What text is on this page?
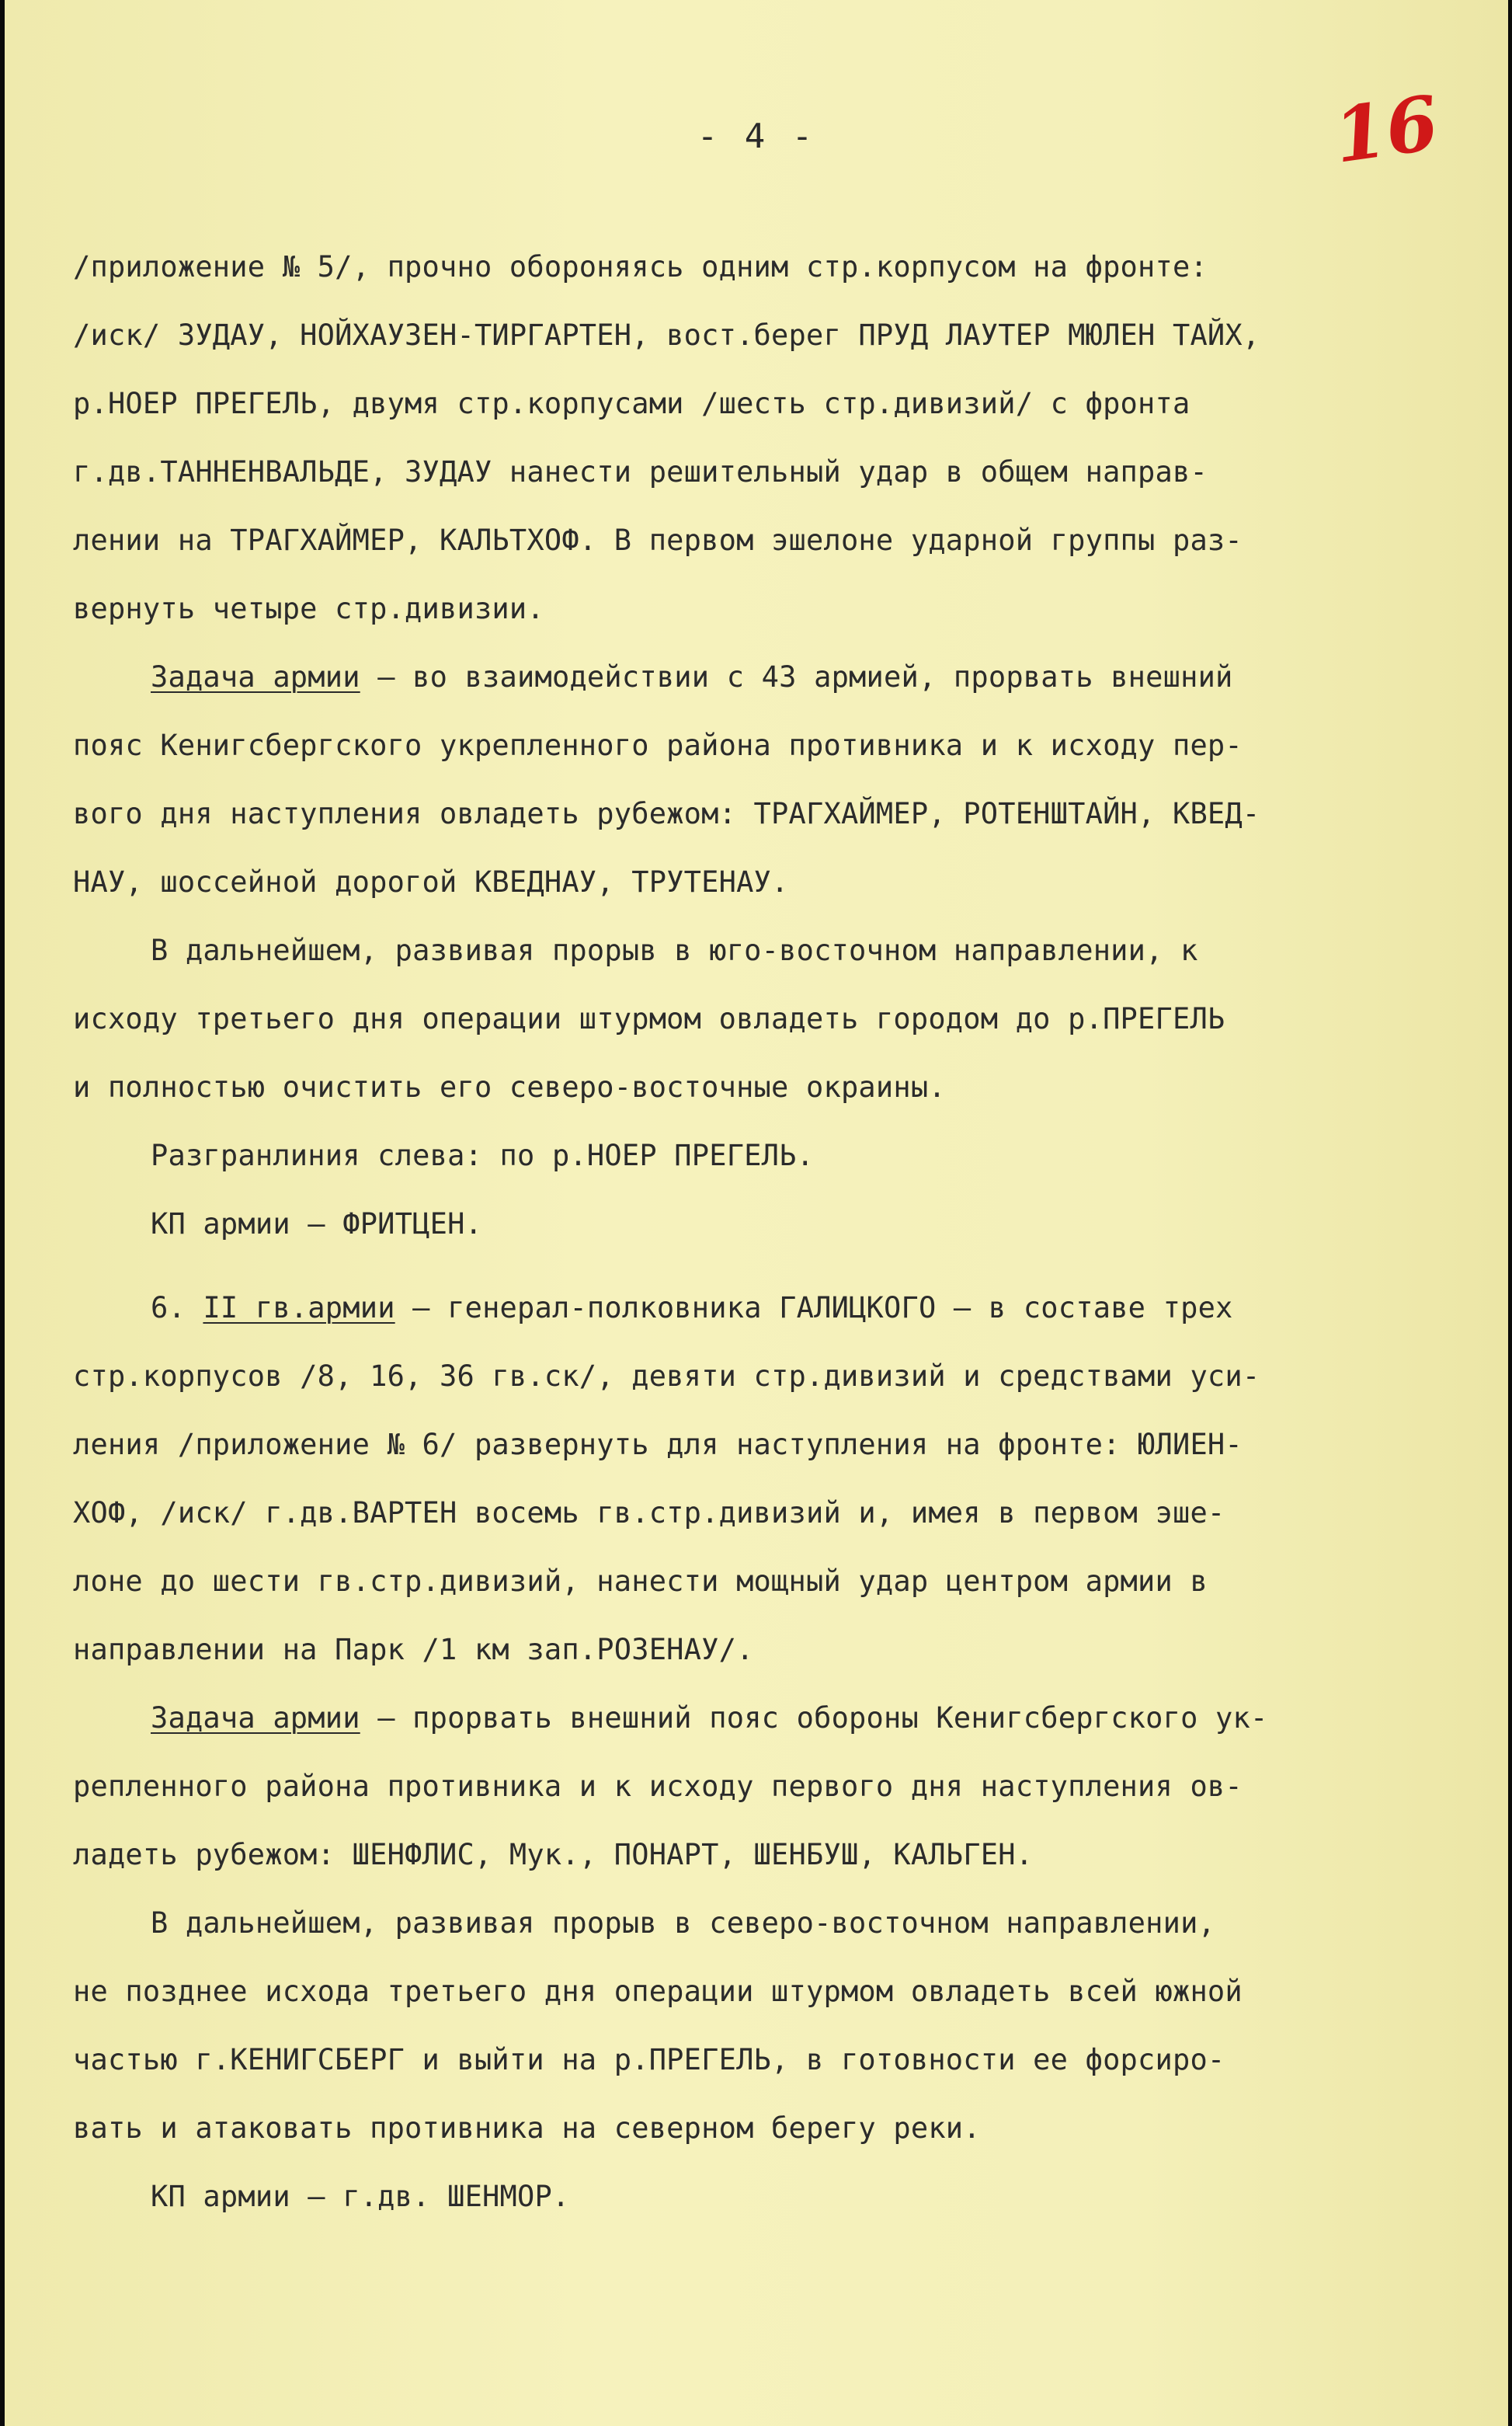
- 4 -	16
/приложение № 5/, прочно обороняясь одним стр.корпусом на фронте:
/иск/ ЗУДАУ, НОЙХАУЗЕН-ТИРГАРТЕН, вост.берег ПРУД ЛАУТЕР МЮЛЕН ТАЙХ,
р.НОЕР ПРЕГЕЛЬ, двумя стр.корпусами /шесть стр.дивизий/ с фронта
г.дв.ТАННЕНВАЛЬДЕ, ЗУДАУ нанести решительный удар в общем направ-
лении на ТРАГХАЙМЕР, КАЛЬТХОФ. В первом эшелоне ударной группы раз-
вернуть четыре стр.дивизии.
Задача армии – во взаимодействии с 43 армией, прорвать внешний
пояс Кенигсбергского укрепленного района противника и к исходу пер-
вого дня наступления овладеть рубежом: ТРАГХАЙМЕР, РОТЕНШТАЙН, КВЕД-
НАУ, шоссейной дорогой КВЕДНАУ, ТРУТЕНАУ.
В дальнейшем, развивая прорыв в юго-восточном направлении, к
исходу третьего дня операции штурмом овладеть городом до р.ПРЕГЕЛЬ
и полностью очистить его северо-восточные окраины.
Разгранлиния слева: по р.НОЕР ПРЕГЕЛЬ.
КП армии – ФРИТЦЕН.
6. II гв.армии – генерал-полковника ГАЛИЦКОГО – в составе трех
стр.корпусов /8, 16, 36 гв.ск/, девяти стр.дивизий и средствами уси-
ления /приложение № 6/ развернуть для наступления на фронте: ЮЛИЕН-
ХОФ, /иск/ г.дв.ВАРТЕН восемь гв.стр.дивизий и, имея в первом эше-
лоне до шести гв.стр.дивизий, нанести мощный удар центром армии в
направлении на Парк /1 км зап.РОЗЕНАУ/.
Задача армии – прорвать внешний пояс обороны Кенигсбергского ук-
репленного района противника и к исходу первого дня наступления ов-
ладеть рубежом: ШЕНФЛИС, Мук., ПОНАРТ, ШЕНБУШ, КАЛЬГЕН.
В дальнейшем, развивая прорыв в северо-восточном направлении,
не позднее исхода третьего дня операции штурмом овладеть всей южной
частью г.КЕНИГСБЕРГ и выйти на р.ПРЕГЕЛЬ, в готовности ее форсиро-
вать и атаковать противника на северном берегу реки.
КП армии – г.дв. ШЕНМОР.
